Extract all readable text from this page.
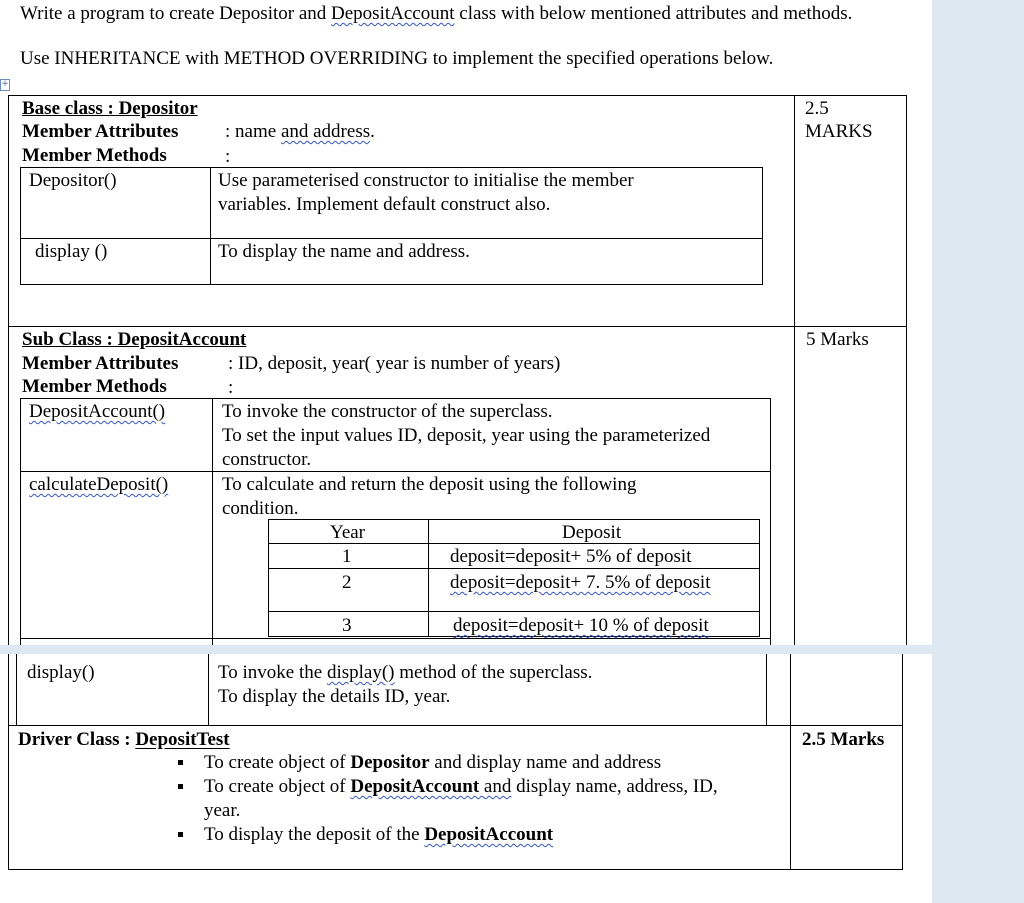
Write a program to create Depositor and DepositAccount class with below mentioned attributes and methods.
Use INHERITANCE with METHOD OVERRIDING to implement the specified operations below.
+
Base class : Depositor
Member Attributes : name and address.
Member Methods	:
2.5
MARKS
Depositor()	Use parameterised constructor to initialise the member
variables. Implement default construct also.
display ()	To display the name and address.
Sub Class : DepositAccount
Member Attributes	: ID, deposit, year( year is number of years)
Member Methods	:
5 Marks
DepositAccount()	To invoke the constructor of the superclass.
To set the input values ID, deposit, year using the parameterized
constructor.
calculateDeposit()	To calculate and return the deposit using the following
condition.
Year	Deposit
1	deposit=deposit+ 5% of deposit
2	deposit=deposit+ 7. 5% of deposit
3	deposit=deposit+ 10 % of deposit
display()	To invoke the display() method of the superclass.
To display the details ID, year.
Driver Class : DepositTest	2.5 Marks
To create object of Depositor and display name and address
To create object of DepositAccount and display name, address, ID,
year.
To display the deposit of the DepositAccount
